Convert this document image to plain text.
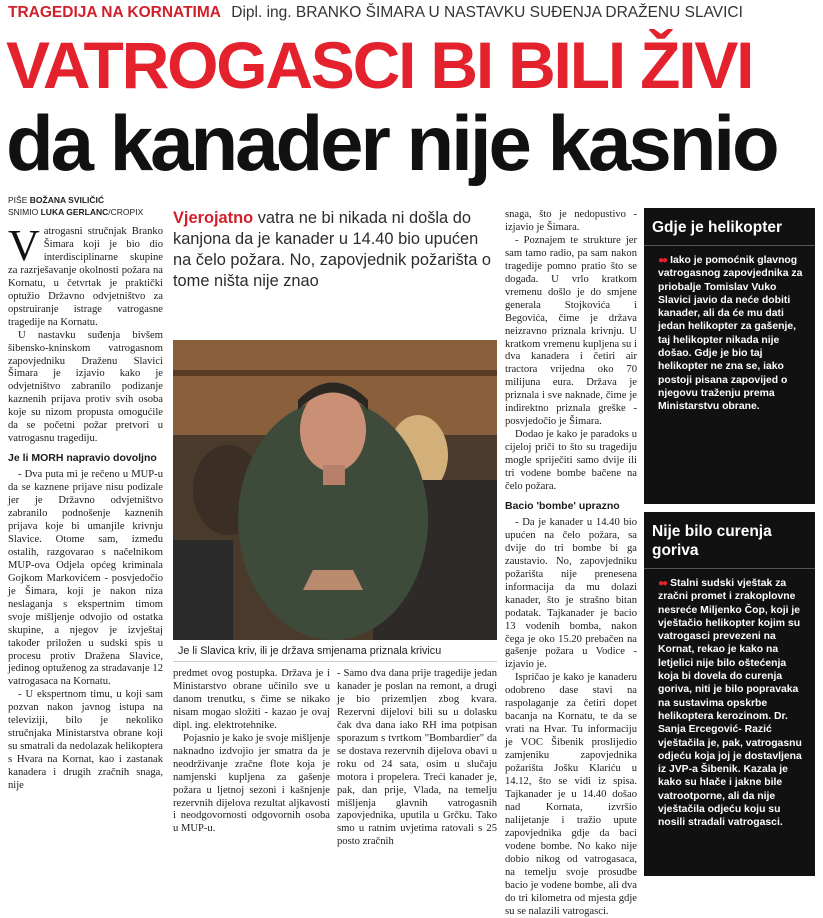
TRAGEDIJA NA KORNATIMA Dipl. ing. BRANKO ŠIMARA U NASTAVKU SUĐENJA DRAŽENU SLAVICI
VATROGASCI BI BILI ŽIVI
da kanader nije kasnio
PIŠE BOŽANA SVILIČIĆ
SNIMIO LUKA GERLANC/CROPIX
V atrogasni stručnjak Branko Šimara koji je bio dio interdisciplinarne skupine za razrješavanje okolnosti požara na Kornatu, u četvrtak je praktički optužio Državno odvjetništvo za opstruiranje istrage vatrogasne tragedije na Kornatu.

U nastavku suđenja bivšem šibensko-kninskom vatrogasnom zapovjedniku Draženu Slavici Šimara je izjavio kako je odvjetništvo zabranilo podizanje kaznenih prijava protiv svih osoba koje su nizom propusta omogućile da se početni požar pretvori u vatrogasnu tragediju.

Je li MORH napravio dovoljno

- Dva puta mi je rečeno u MUP-u da se kaznene prijave nisu podizale jer je Državno odvjetništvo zabranilo podnošenje kaznenih prijava koje bi umanjile krivnju Slavice. Otome sam, između ostalih, razgovarao s načelnikom MUP-ova Odjela općeg kriminala Gojkom Markovićem - posvjedočio je Šimara, koji je nakon nizа neslaganja s ekspertnim timom svoje mišljenje odvojio od ostatka skupine, a njegov je izvještaj također priložen u sudski spis u procesu protiv Dražena Slavice, jedinog optuženog za stradavanje 12 vatrogasaca na Kornatu.

- U ekspertnom timu, u koji sam pozvan nakon javnog istupa na televiziji, bilo je nekoliko stručnjaka Ministarstva obrane koji su smatrali da nedolazak helikoptera s Hvara na Kornat, kao i zastanak kanadera i drugih zračnih snaga, nije

Vjerojatno vatra ne bi nikada ni došla do kanjona da je kanader u 14.40 bio upućen na čelo požara. No, zapovjednik požarišta o tome ništa nije znao
Je li Slavica kriv, ili je država smjenama priznala krivicu

predmet ovog postupka. Država je i Ministarstvo obrane učinilo sve u danom trenutku, s čime se nikako nisam mogao složiti - kazao je ovaj dipl. ing. elektrotehnike.

Pojasnio je kako je svoje mišljenje naknadno izdvojio jer smatra da je neodrživanje zračne flote koja je namjenski kupljena za gašenje požara u ljetnoj sezoni i kašnjenje rezervnih dijelova rezultat aljkavosti i neodgovornosti odgovornih osoba u MUP-u.

- Samo dva dana prije tragedije jedan kanader je poslan na remont, a drugi je bio prizemljen zbog kvara. Rezervni dijelovi bili su u dolasku čak dva dana iako RH ima potpisan sporazum s tvrtkom "Bombardier" da se dostava rezervnih dijelova obavi u roku od 24 sata, osim u slučaju motora i propelera. Treći kanader je, pak, dan prije, Vlada, na temelju mišljenja glavnih vatrogasnih zapovjednika, uputila u Grčku. Tako smo u ratnim uvjetima ratovali s 25 posto zračnih

snaga, što je nedopustivo - izjavio je Šimara.

- Poznajem te strukture jer sam tamo radio, pa sam nakon tragedije pomno pratio što se događa. U vrlo kratkom vremenu došlo je do smjene generala Stojkovića i Begovića, čime je država neizravno priznala krivnju. U kratkom vremenu kupljena su i dva kanadera i četiri air tractora vrijedna oko 70 milijuna eura. Država je priznala i sve naknade, čime je indirektno priznala greške - posvjedočio je Šimara.

Dodao je kako je paradoks u cijeloj priči to što su tragediju mogle spriječiti samo dvije ili tri vodene bombe bačene na čelo požara.

Bacio 'bombe' uprazno

- Da je kanader u 14.40 bio upućen na čelo požara, sa dvije do tri bombe bi ga zaustavio. No, zapovjedniku požarišta nije prenesena informacija da mu dolazi kanader, što je strašno bitan podatak. Tajkanader je bacio 13 vodenih bomba, nakon čega je oko 15.20 prebačen na gašenje požara u Vodice - izjavio je.

Ispričao je kako je kanaderu odobreno dase stavi na raspolaganje za četiri dopet bacanja na Kornatu, te da se vrati na Hvar. Tu informaciju je VOC Šibenik proslijedio zamjeniku zapovjednika požarišta Jošku Klariću u 14.12, što se vidi iz spisa. Tajkanader je u 14.40 došao nad Kornata, izvršio nalijetanje i tražio upute zapovjednika gdje da baci vodene bombe. No kako nije dobio nikog od vatrogasaca, na temelju svoje prosudbe bacio je vodene bombe, ali dva do tri kilometra od mjesta gdje su se nalazili vatrogasci.

Gdje je helikopter
●● Iako je pomoćnik glavnog vatrogasnog zapovjednika za priobalje Tomislav Vuko Slavici javio da neće dobiti kanader, ali da će mu dati jedan helikopter za gašenje, taj helikopter nikada nije došao. Gdje je bio taj helikopter ne zna se, iako postoji pisana zapovijed o njegovu traženju prema Ministarstvu obrane.
Nije bilo curenja goriva
●● Stalni sudski vještak za zračni promet i zrakoplovne nesreće Miljenko Čop, koji je vještačio helikopter kojim su vatrogasci prevezeni na Kornat, rekao je kako na letjelici nije bilo oštećenja koja bi dovela do curenja goriva, niti je bilo popravaka na sustavima opskrbe helikoptera kerozinom. Dr. Sanja Ercegović- Razić vještačila je, pak, vatrogasnu odjeću koja joj je dostavljena iz JVP-a Šibenik. Kazala je kako su hlače i jakne bile vatrootporne, ali da nije vještačila odjeću koju su nosili stradali vatrogasci.
